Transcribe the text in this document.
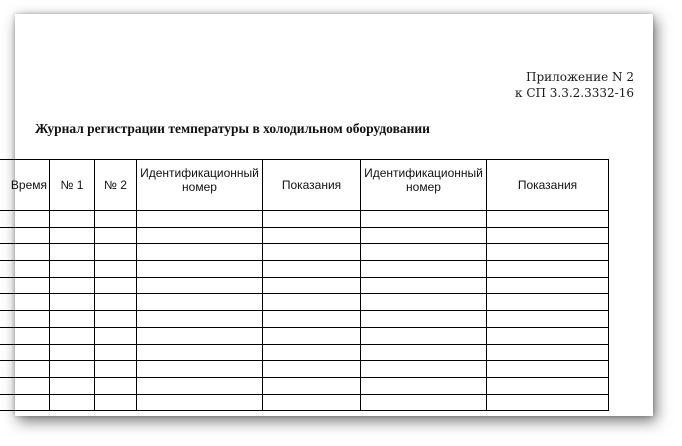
Приложение N 2
к СП 3.3.2.3332-16
Журнал регистрации температуры в холодильном оборудовании
Время	№ 1	№ 2	Идентификационный номер	Показания	Идентификационный номер	Показания
